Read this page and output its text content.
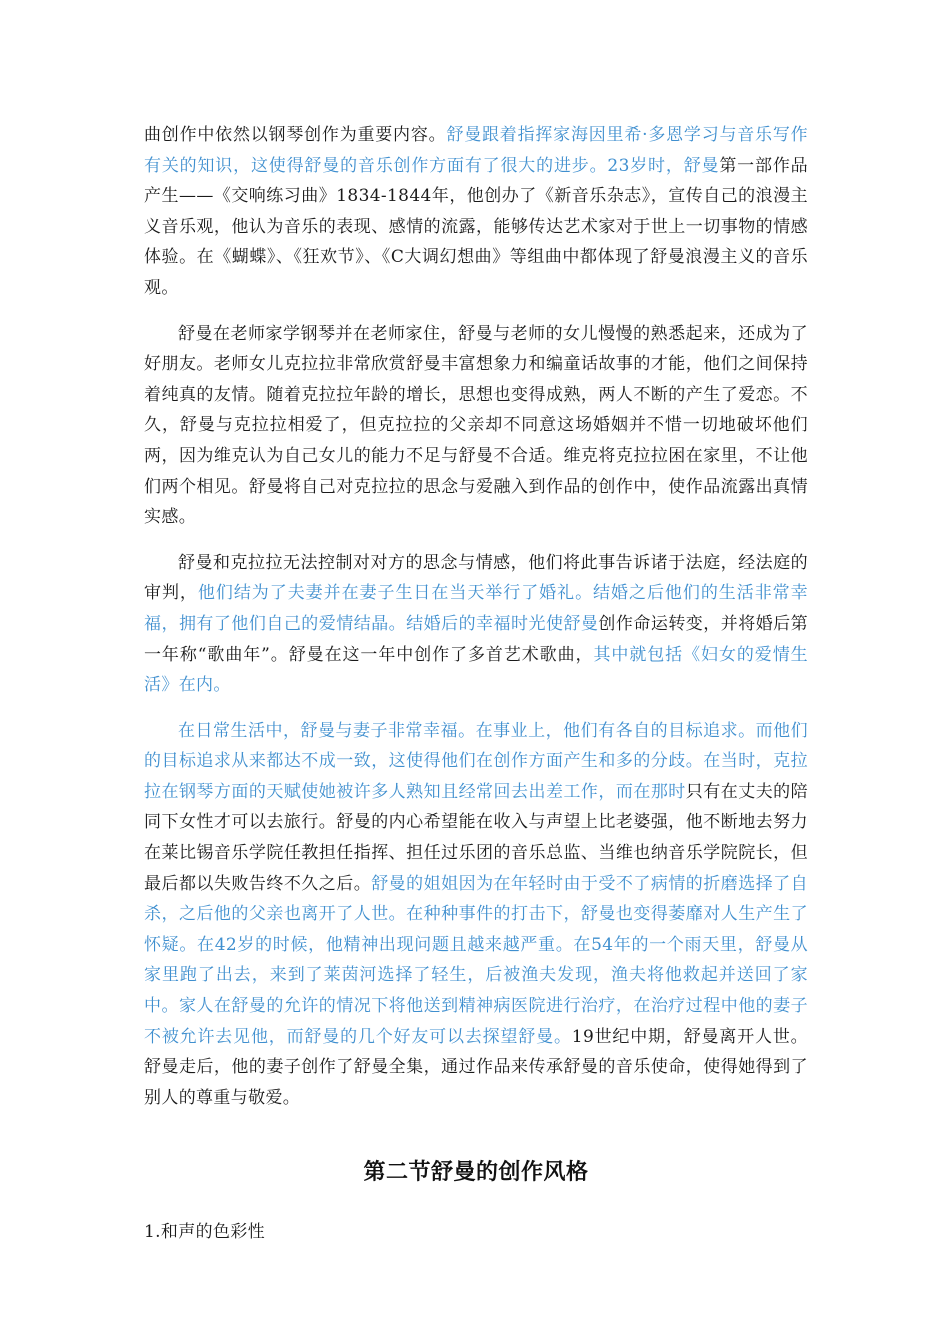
曲创作中依然以钢琴创作为重要内容。舒曼跟着指挥家海因里希·多恩学习与音乐写作有关的知识，这使得舒曼的音乐创作方面有了很大的进步。23岁时，舒曼第一部作品产生——《交响练习曲》1834-1844年，他创办了《新音乐杂志》，宣传自己的浪漫主义音乐观，他认为音乐的表现、感情的流露，能够传达艺术家对于世上一切事物的情感体验。在《蝴蝶》、《狂欢节》、《C大调幻想曲》等组曲中都体现了舒曼浪漫主义的音乐观。

舒曼在老师家学钢琴并在老师家住，舒曼与老师的女儿慢慢的熟悉起来，还成为了好朋友。老师女儿克拉拉非常欣赏舒曼丰富想象力和编童话故事的才能，他们之间保持着纯真的友情。随着克拉拉年龄的增长，思想也变得成熟，两人不断的产生了爱恋。不久，舒曼与克拉拉相爱了，但克拉拉的父亲却不同意这场婚姻并不惜一切地破坏他们两，因为维克认为自己女儿的能力不足与舒曼不合适。维克将克拉拉困在家里，不让他们两个相见。舒曼将自己对克拉拉的思念与爱融入到作品的创作中，使作品流露出真情实感。

舒曼和克拉拉无法控制对对方的思念与情感，他们将此事告诉诸于法庭，经法庭的审判，他们结为了夫妻并在妻子生日在当天举行了婚礼。结婚之后他们的生活非常幸福，拥有了他们自己的爱情结晶。结婚后的幸福时光使舒曼创作命运转变，并将婚后第一年称“歌曲年”。舒曼在这一年中创作了多首艺术歌曲，其中就包括《妇女的爱情生活》在内。

在日常生活中，舒曼与妻子非常幸福。在事业上，他们有各自的目标追求。而他们的目标追求从来都达不成一致，这使得他们在创作方面产生和多的分歧。在当时，克拉拉在钢琴方面的天赋使她被许多人熟知且经常回去出差工作，而在那时只有在丈夫的陪同下女性才可以去旅行。舒曼的内心希望能在收入与声望上比老婆强，他不断地去努力在莱比锡音乐学院任教担任指挥、担任过乐团的音乐总监、当维也纳音乐学院院长，但最后都以失败告终不久之后。舒曼的姐姐因为在年轻时由于受不了病情的折磨选择了自杀，之后他的父亲也离开了人世。在种种事件的打击下，舒曼也变得萎靡对人生产生了怀疑。在42岁的时候，他精神出现问题且越来越严重。在54年的一个雨天里，舒曼从家里跑了出去，来到了莱茵河选择了轻生，后被渔夫发现，渔夫将他救起并送回了家中。家人在舒曼的允许的情况下将他送到精神病医院进行治疗，在治疗过程中他的妻子不被允许去见他，而舒曼的几个好友可以去探望舒曼。19世纪中期，舒曼离开人世。舒曼走后，他的妻子创作了舒曼全集，通过作品来传承舒曼的音乐使命，使得她得到了别人的尊重与敬爱。

第二节舒曼的创作风格

1.和声的色彩性
